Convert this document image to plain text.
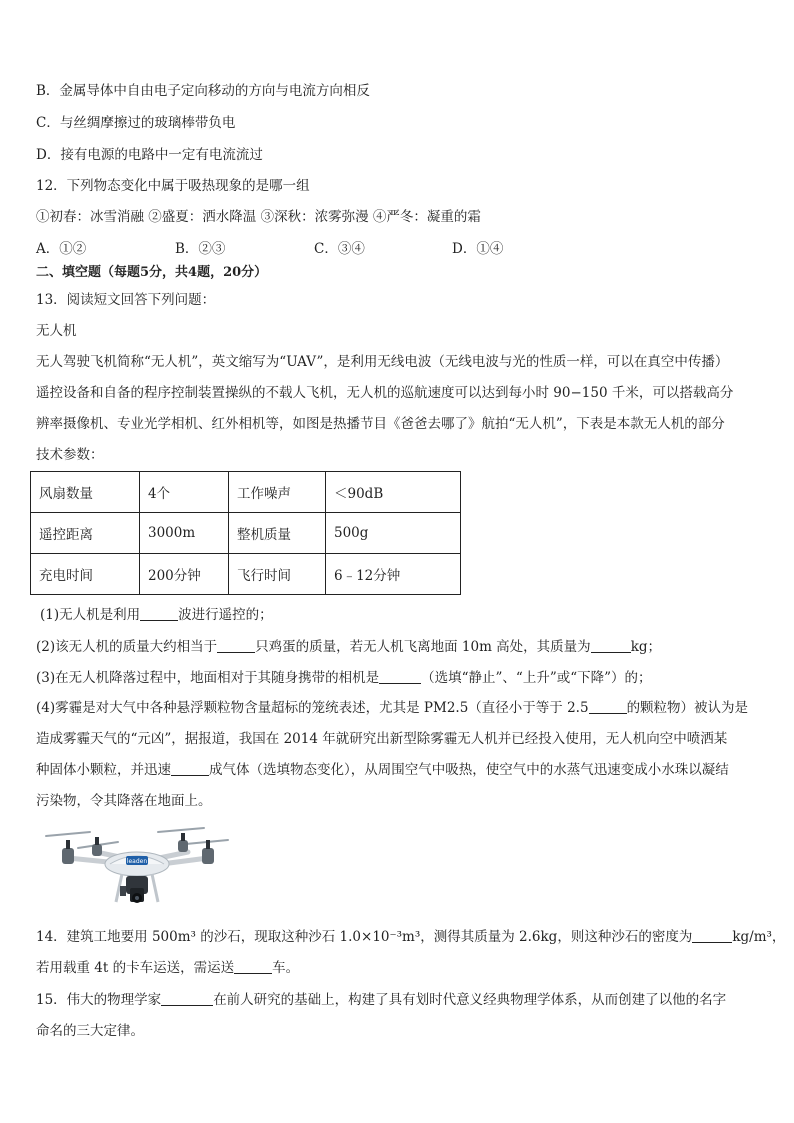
B．金属导体中自由电子定向移动的方向与电流方向相反
C．与丝绸摩擦过的玻璃棒带负电
D．接有电源的电路中一定有电流流过
12．下列物态变化中属于吸热现象的是哪一组
①初春：冰雪消融 ②盛夏：洒水降温 ③深秋：浓雾弥漫 ④严冬：凝重的霜
A．①②	B．②③	C．③④	D．①④
二、填空题（每题5分，共4题，20分）
13．阅读短文回答下列问题：
无人机
无人驾驶飞机简称“无人机”，英文缩写为“UAV”，是利用无线电波（无线电波与光的性质一样，可以在真空中传播）
遥控设备和自备的程序控制装置操纵的不载人飞机，无人机的巡航速度可以达到每小时 90−150 千米，可以搭载高分
辨率摄像机、专业光学相机、红外相机等，如图是热播节目《爸爸去哪了》航拍“无人机”，下表是本款无人机的部分
技术参数：
风扇数量	4个	工作噪声	＜90dB
遥控距离	3000m	整机质量	500g
充电时间	200分钟	飞行时间	6﹣12分钟
(1)无人机是利用	波进行遥控的；
(2)该无人机的质量大约相当于	只鸡蛋的质量，若无人机飞离地面 10m 高处，其质量为	kg；
(3)在无人机降落过程中，地面相对于其随身携带的相机是	（选填“静止”、“上升”或“下降”）的；
(4)雾霾是对大气中各种悬浮颗粒物含量超标的笼统表述，尤其是 PM2.5（直径小于等于 2.5	的颗粒物）被认为是
造成雾霾天气的“元凶”，据报道，我国在 2014 年就研究出新型除雾霾无人机并已经投入使用，无人机向空中喷洒某
种固体小颗粒，并迅速	成气体（选填物态变化），从周围空气中吸热，使空气中的水蒸气迅速变成小水珠以凝结
污染物，令其降落在地面上。
leaden
14．建筑工地要用 500m³ 的沙石，现取这种沙石 1.0×10⁻³m³，测得其质量为 2.6kg，则这种沙石的密度为	kg/m³，
若用载重 4t 的卡车运送，需运送	车。
15．伟大的物理学家	在前人研究的基础上，构建了具有划时代意义经典物理学体系，从而创建了以他的名字
命名的三大定律。
